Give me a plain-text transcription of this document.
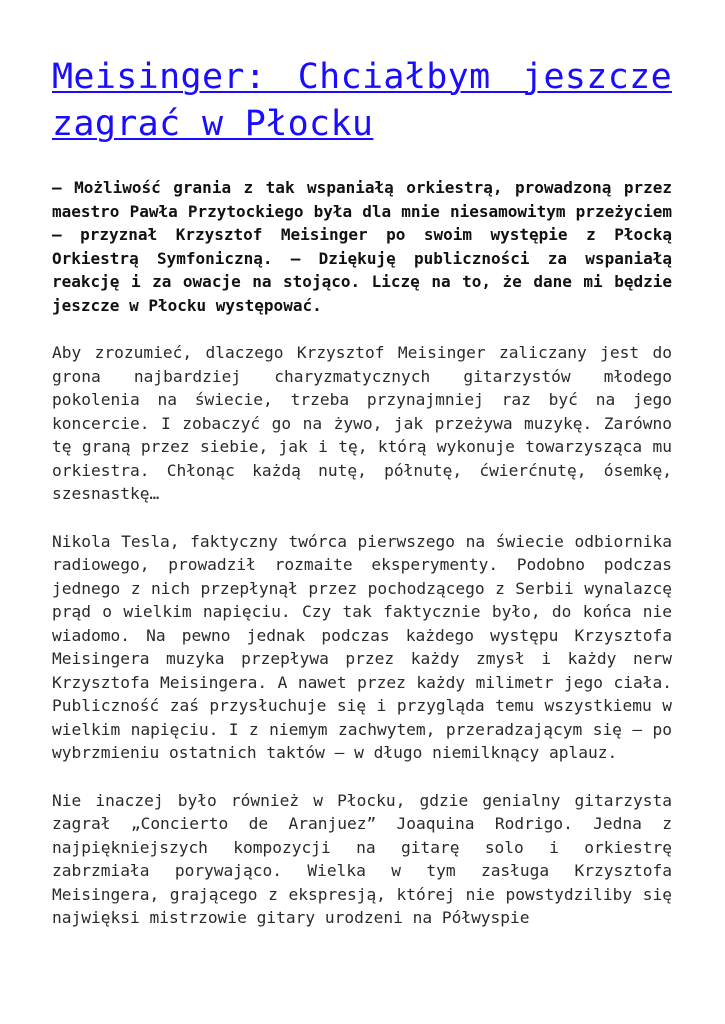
Meisinger: Chciałbym jeszcze zagrać w Płocku

– Możliwość grania z tak wspaniałą orkiestrą, prowadzoną przez maestro Pawła Przytockiego była dla mnie niesamowitym przeżyciem – przyznał Krzysztof Meisinger po swoim występie z Płocką Orkiestrą Symfoniczną. – Dziękuję publiczności za wspaniałą reakcję i za owacje na stojąco. Liczę na to, że dane mi będzie jeszcze w Płocku występować.

Aby zrozumieć, dlaczego Krzysztof Meisinger zaliczany jest do grona najbardziej charyzmatycznych gitarzystów młodego pokolenia na świecie, trzeba przynajmniej raz być na jego koncercie. I zobaczyć go na żywo, jak przeżywa muzykę. Zarówno tę graną przez siebie, jak i tę, którą wykonuje towarzysząca mu orkiestra. Chłonąc każdą nutę, półnutę, ćwierćnutę, ósemkę, szesnastkę…

Nikola Tesla, faktyczny twórca pierwszego na świecie odbiornika radiowego, prowadził rozmaite eksperymenty. Podobno podczas jednego z nich przepłynął przez pochodzącego z Serbii wynalazcę prąd o wielkim napięciu. Czy tak faktycznie było, do końca nie wiadomo. Na pewno jednak podczas każdego występu Krzysztofa Meisingera muzyka przepływa przez każdy zmysł i każdy nerw Krzysztofa Meisingera. A nawet przez każdy milimetr jego ciała. Publiczność zaś przysłuchuje się i przygląda temu wszystkiemu w wielkim napięciu. I z niemym zachwytem, przeradzającym się – po wybrzmieniu ostatnich taktów – w długo niemilknący aplauz.

Nie inaczej było również w Płocku, gdzie genialny gitarzysta zagrał „Concierto de Aranjuez” Joaquina Rodrigo. Jedna z najpiękniejszych kompozycji na gitarę solo i orkiestrę zabrzmiała porywająco. Wielka w tym zasługa Krzysztofa Meisingera, grającego z ekspresją, której nie powstydziliby się najwięksi mistrzowie gitary urodzeni na Półwyspie
